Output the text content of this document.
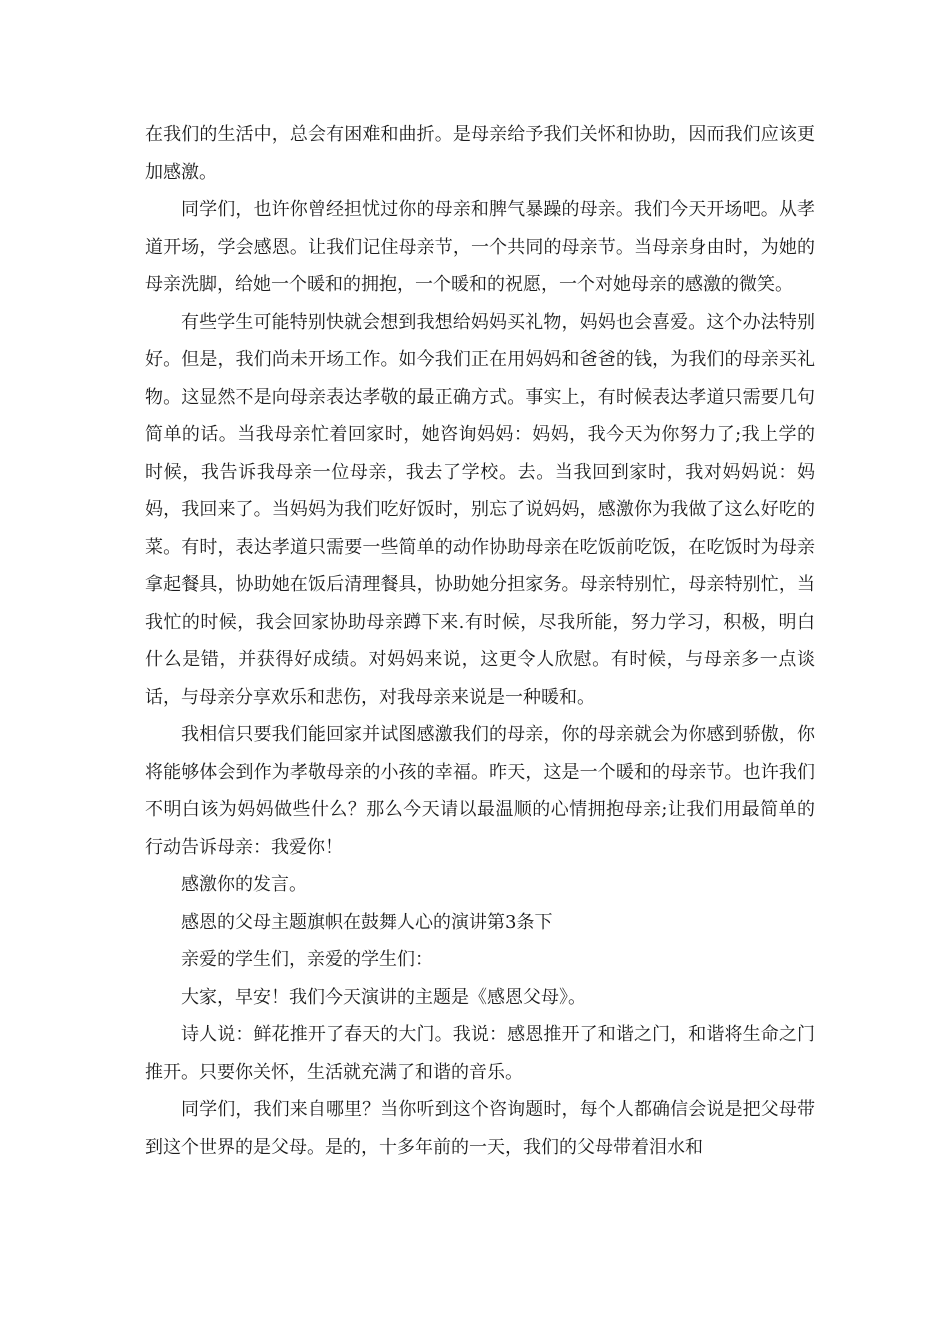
在我们的生活中，总会有困难和曲折。是母亲给予我们关怀和协助，因而我们应该更加感激。

同学们，也许你曾经担忧过你的母亲和脾气暴躁的母亲。我们今天开场吧。从孝道开场，学会感恩。让我们记住母亲节，一个共同的母亲节。当母亲身由时，为她的母亲洗脚，给她一个暖和的拥抱，一个暖和的祝愿，一个对她母亲的感激的微笑。

有些学生可能特别快就会想到我想给妈妈买礼物，妈妈也会喜爱。这个办法特别好。但是，我们尚未开场工作。如今我们正在用妈妈和爸爸的钱，为我们的母亲买礼物。这显然不是向母亲表达孝敬的最正确方式。事实上，有时候表达孝道只需要几句简单的话。当我母亲忙着回家时，她咨询妈妈：妈妈，我今天为你努力了;我上学的时候，我告诉我母亲一位母亲，我去了学校。去。当我回到家时，我对妈妈说：妈妈，我回来了。当妈妈为我们吃好饭时，别忘了说妈妈，感激你为我做了这么好吃的菜。有时，表达孝道只需要一些简单的动作协助母亲在吃饭前吃饭，在吃饭时为母亲拿起餐具，协助她在饭后清理餐具，协助她分担家务。母亲特别忙，母亲特别忙，当我忙的时候，我会回家协助母亲蹲下来.有时候，尽我所能，努力学习，积极，明白什么是错，并获得好成绩。对妈妈来说，这更令人欣慰。有时候，与母亲多一点谈话，与母亲分享欢乐和悲伤，对我母亲来说是一种暖和。

我相信只要我们能回家并试图感激我们的母亲，你的母亲就会为你感到骄傲，你将能够体会到作为孝敬母亲的小孩的幸福。昨天，这是一个暖和的母亲节。也许我们不明白该为妈妈做些什么？那么今天请以最温顺的心情拥抱母亲;让我们用最简单的行动告诉母亲：我爱你！

感激你的发言。

感恩的父母主题旗帜在鼓舞人心的演讲第3条下

亲爱的学生们，亲爱的学生们：

大家，早安！我们今天演讲的主题是《感恩父母》。

诗人说：鲜花推开了春天的大门。我说：感恩推开了和谐之门，和谐将生命之门推开。只要你关怀，生活就充满了和谐的音乐。

同学们，我们来自哪里？当你听到这个咨询题时，每个人都确信会说是把父母带到这个世界的是父母。是的，十多年前的一天，我们的父母带着泪水和
